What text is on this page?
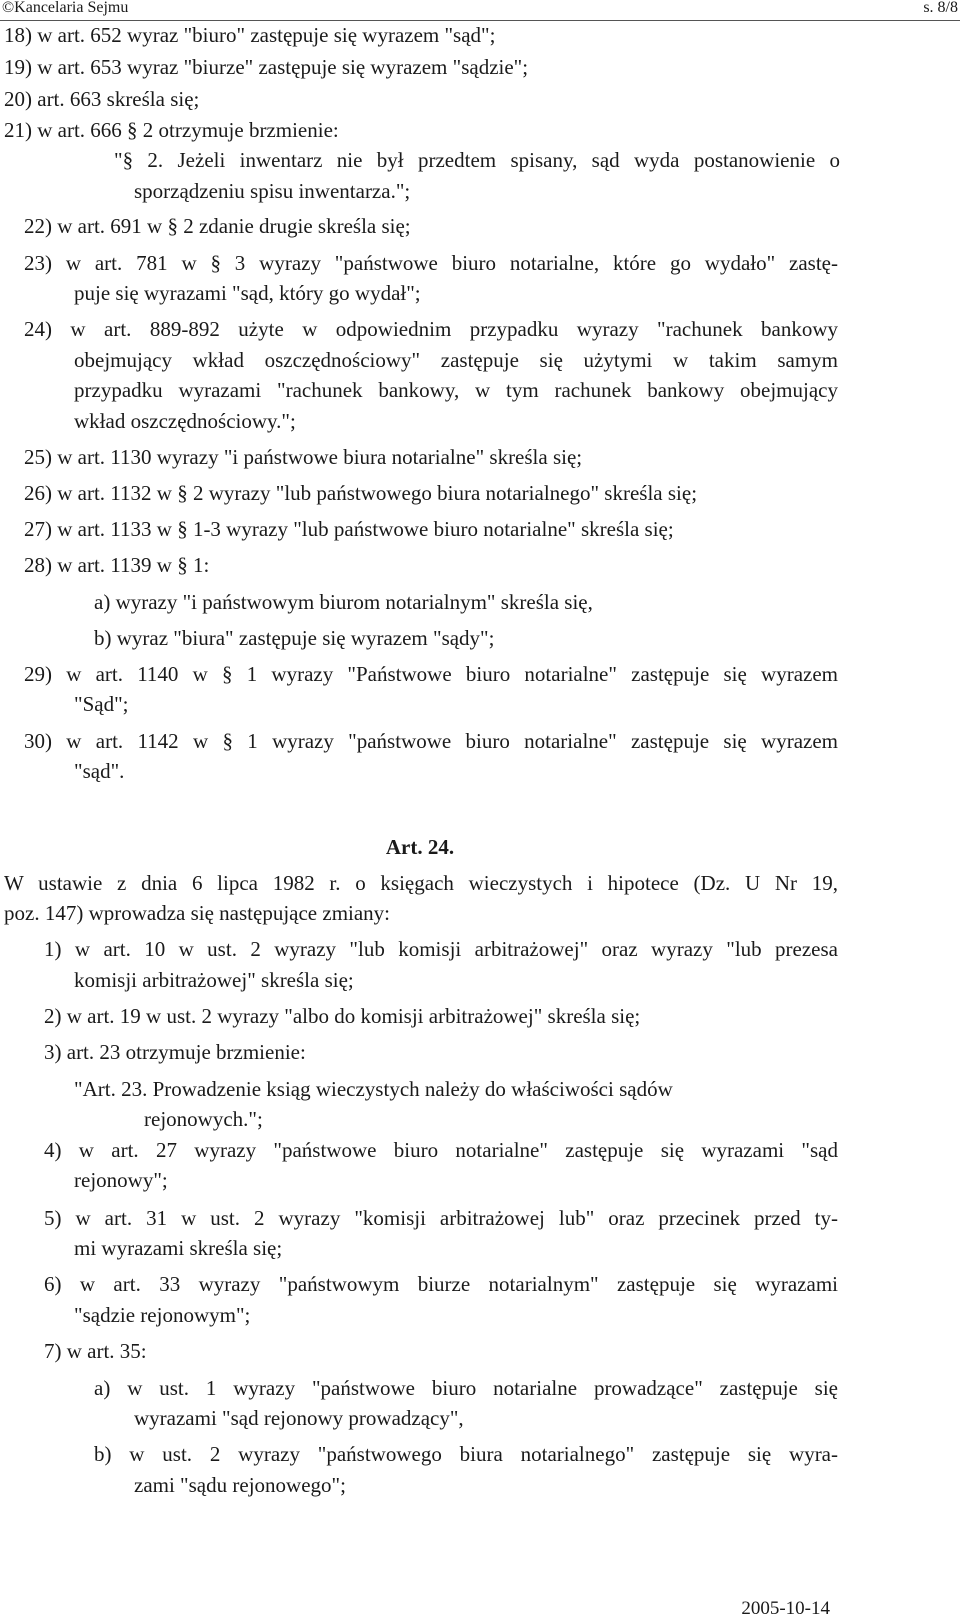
©Kancelaria Sejmu	s. 8/8
18) w art. 652 wyraz "biuro" zastępuje się wyrazem "sąd";
19) w art. 653 wyraz "biurze" zastępuje się wyrazem "sądzie";
20) art. 663 skreśla się;
21) w art. 666 § 2 otrzymuje brzmienie:
"§ 2. Jeżeli inwentarz nie był przedtem spisany, sąd wyda postanowienie o
sporządzeniu spisu inwentarza.";
22) w art. 691 w § 2 zdanie drugie skreśla się;
23) w art. 781 w § 3 wyrazy "państwowe biuro notarialne, które go wydało" zastę-
puje się wyrazami "sąd, który go wydał";
24) w art. 889-892 użyte w odpowiednim przypadku wyrazy "rachunek bankowy
obejmujący wkład oszczędnościowy" zastępuje się użytymi w takim samym
przypadku wyrazami "rachunek bankowy, w tym rachunek bankowy obejmujący
wkład oszczędnościowy.";
25) w art. 1130 wyrazy "i państwowe biura notarialne" skreśla się;
26) w art. 1132 w § 2 wyrazy "lub państwowego biura notarialnego" skreśla się;
27) w art. 1133 w § 1-3 wyrazy "lub państwowe biuro notarialne" skreśla się;
28) w art. 1139 w § 1:
a) wyrazy "i państwowym biurom notarialnym" skreśla się,
b) wyraz "biura" zastępuje się wyrazem "sądy";
29) w art. 1140 w § 1 wyrazy "Państwowe biuro notarialne" zastępuje się wyrazem
"Sąd";
30) w art. 1142 w § 1 wyrazy "państwowe biuro notarialne" zastępuje się wyrazem
"sąd".
Art. 24.
W ustawie z dnia 6 lipca 1982 r. o księgach wieczystych i hipotece (Dz. U Nr 19,
poz. 147) wprowadza się następujące zmiany:
1) w art. 10 w ust. 2 wyrazy "lub komisji arbitrażowej" oraz wyrazy "lub prezesa
komisji arbitrażowej" skreśla się;
2) w art. 19 w ust. 2 wyrazy "albo do komisji arbitrażowej" skreśla się;
3) art. 23 otrzymuje brzmienie:
"Art. 23. Prowadzenie ksiąg wieczystych należy do właściwości sądów
rejonowych.";
4) w art. 27 wyrazy "państwowe biuro notarialne" zastępuje się wyrazami "sąd
rejonowy";
5) w art. 31 w ust. 2 wyrazy "komisji arbitrażowej lub" oraz przecinek przed ty-
mi wyrazami skreśla się;
6) w art. 33 wyrazy "państwowym biurze notarialnym" zastępuje się wyrazami
"sądzie rejonowym";
7) w art. 35:
a) w ust. 1 wyrazy "państwowe biuro notarialne prowadzące" zastępuje się
wyrazami "sąd rejonowy prowadzący",
b) w ust. 2 wyrazy "państwowego biura notarialnego" zastępuje się wyra-
zami "sądu rejonowego";
2005-10-14
